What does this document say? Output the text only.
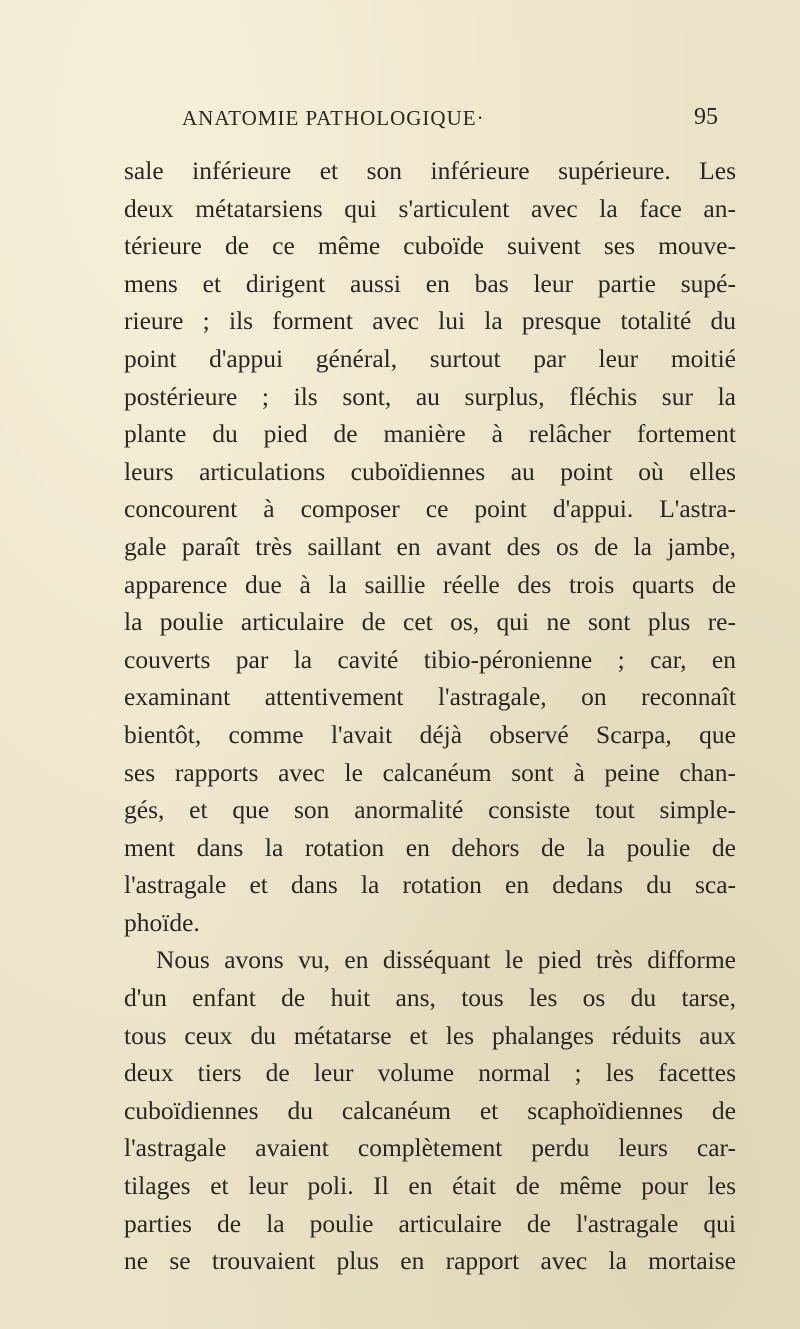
ANATOMIE PATHOLOGIQUE·	95
sale inférieure et son inférieure supérieure. Les
deux métatarsiens qui s'articulent avec la face an-
térieure de ce même cuboïde suivent ses mouve-
mens et dirigent aussi en bas leur partie supé-
rieure ; ils forment avec lui la presque totalité du
point d'appui général, surtout par leur moitié
postérieure ; ils sont, au surplus, fléchis sur la
plante du pied de manière à relâcher fortement
leurs articulations cuboïdiennes au point où elles
concourent à composer ce point d'appui. L'astra-
gale paraît très saillant en avant des os de la jambe,
apparence due à la saillie réelle des trois quarts de
la poulie articulaire de cet os, qui ne sont plus re-
couverts par la cavité tibio-péronienne ; car, en
examinant attentivement l'astragale, on reconnaît
bientôt, comme l'avait déjà observé Scarpa, que
ses rapports avec le calcanéum sont à peine chan-
gés, et que son anormalité consiste tout simple-
ment dans la rotation en dehors de la poulie de
l'astragale et dans la rotation en dedans du sca-
phoïde.
Nous avons vu, en disséquant le pied très difforme
d'un enfant de huit ans, tous les os du tarse,
tous ceux du métatarse et les phalanges réduits aux
deux tiers de leur volume normal ; les facettes
cuboïdiennes du calcanéum et scaphoïdiennes de
l'astragale avaient complètement perdu leurs car-
tilages et leur poli. Il en était de même pour les
parties de la poulie articulaire de l'astragale qui
ne se trouvaient plus en rapport avec la mortaise
